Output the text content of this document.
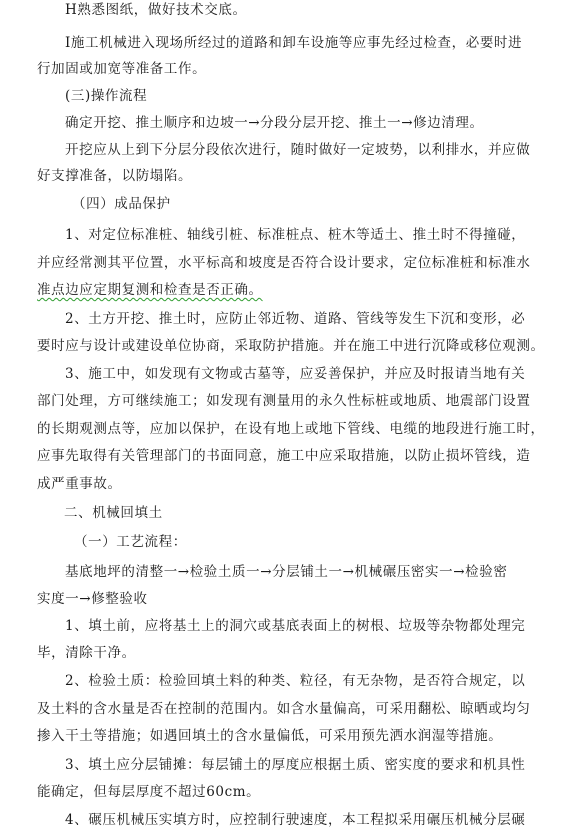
H熟悉图纸，做好技术交底。
I施工机械进入现场所经过的道路和卸车设施等应事先经过检查，必要时进
行加固或加宽等准备工作。
(三)操作流程
确定开挖、推土顺序和边坡一→分段分层开挖、推土一→修边清理。
开挖应从上到下分层分段依次进行，随时做好一定坡势，以利排水，并应做
好支撑准备，以防塌陷。
（四）成品保护
1、对定位标准桩、轴线引桩、标准桩点、桩木等适土、推土时不得撞碰，
并应经常测其平位置，水平标高和坡度是否符合设计要求，定位标准桩和标准水
准点边应定期复测和检查是否正确。
2、土方开挖、推土时，应防止邻近物、道路、管线等发生下沉和变形，必
要时应与设计或建设单位协商，采取防护措施。并在施工中进行沉降或移位观测。
3、施工中，如发现有文物或古墓等，应妥善保护，并应及时报请当地有关
部门处理，方可继续施工；如发现有测量用的永久性标桩或地质、地震部门设置
的长期观测点等，应加以保护，在设有地上或地下管线、电缆的地段进行施工时，
应事先取得有关管理部门的书面同意，施工中应采取措施，以防止损坏管线，造
成严重事故。
二、机械回填土
（一）工艺流程：
基底地坪的清整一→检验土质一→分层铺土一→机械碾压密实一→检验密
实度一→修整验收
1、填土前，应将基土上的洞穴或基底表面上的树根、垃圾等杂物都处理完
毕，清除干净。
2、检验土质：检验回填土料的种类、粒径，有无杂物，是否符合规定，以
及土料的含水量是否在控制的范围内。如含水量偏高，可采用翻松、晾晒或均匀
掺入干土等措施；如遇回填土的含水量偏低，可采用预先洒水润湿等措施。
3、填土应分层铺摊：每层铺土的厚度应根据土质、密实度的要求和机具性
能确定，但每层厚度不超过60cm。
4、碾压机械压实填方时，应控制行驶速度，本工程拟采用碾压机械分层碾
